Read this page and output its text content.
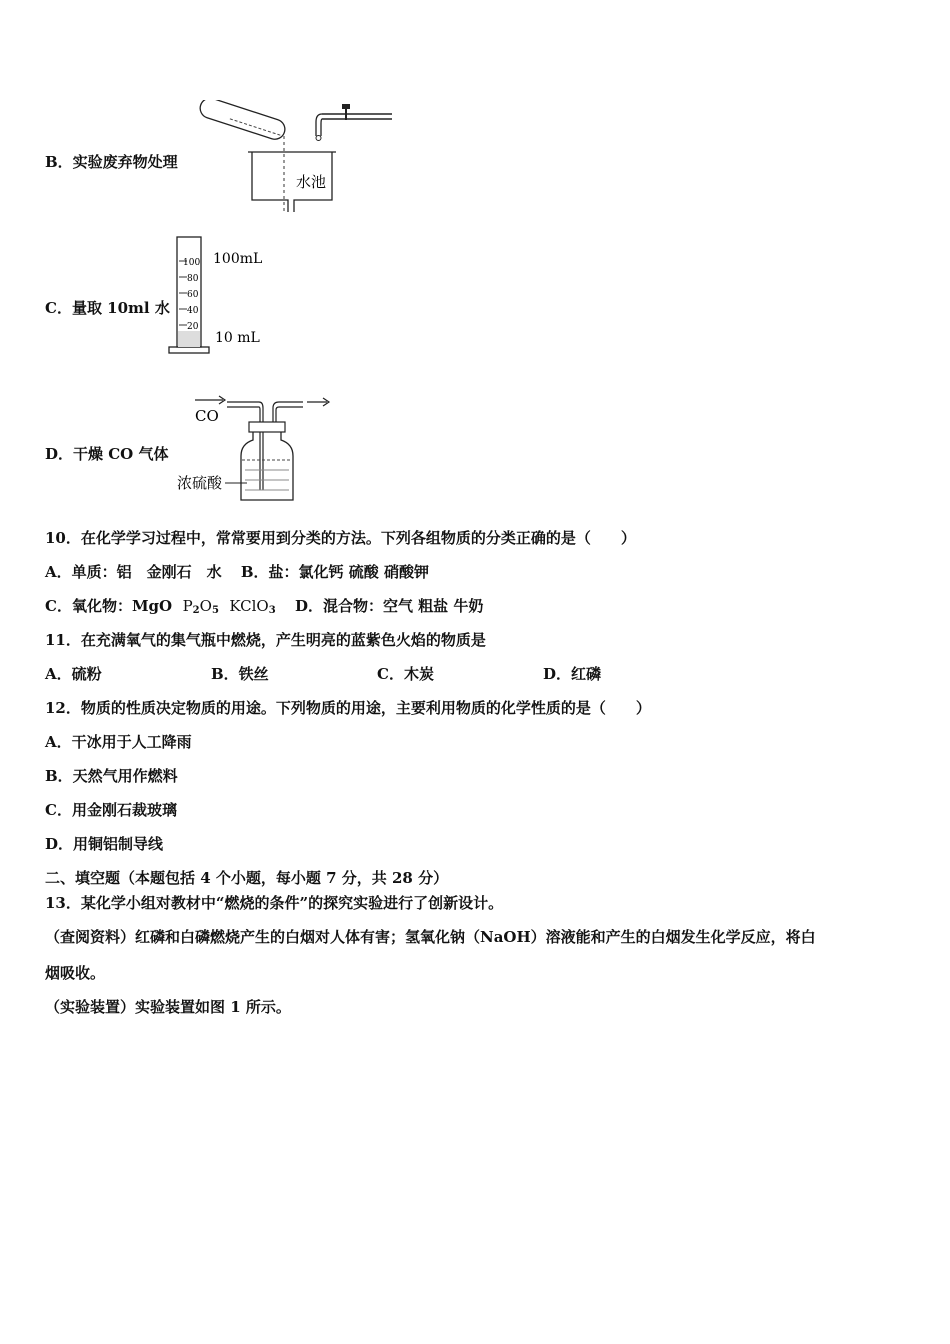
B．实验废弃物处理
水池
C．量取 10ml 水
100
80
60
40
20
100mL
10 mL
D．干燥 CO 气体
CO
浓硫酸
10．在化学学习过程中，常常要用到分类的方法。下列各组物质的分类正确的是（　　）
A．单质：铝　金刚石　水 B．盐：氯化钙 硫酸 硝酸钾
C．氧化物：MgO $P_2O_5$ KClO$_3$ D．混合物：空气 粗盐 牛奶
11．在充满氧气的集气瓶中燃烧，产生明亮的蓝紫色火焰的物质是
A．硫粉	B．铁丝	C．木炭	D．红磷
12．物质的性质决定物质的用途。下列物质的用途，主要利用物质的化学性质的是（　　）
A．干冰用于人工降雨
B．天然气用作燃料
C．用金刚石裁玻璃
D．用铜铝制导线
二、填空题（本题包括 4 个小题，每小题 7 分，共 28 分）
13．某化学小组对教材中“燃烧的条件”的探究实验进行了创新设计。
（查阅资料）红磷和白磷燃烧产生的白烟对人体有害；氢氧化钠（NaOH）溶液能和产生的白烟发生化学反应，将白
烟吸收。
（实验装置）实验装置如图 1 所示。
